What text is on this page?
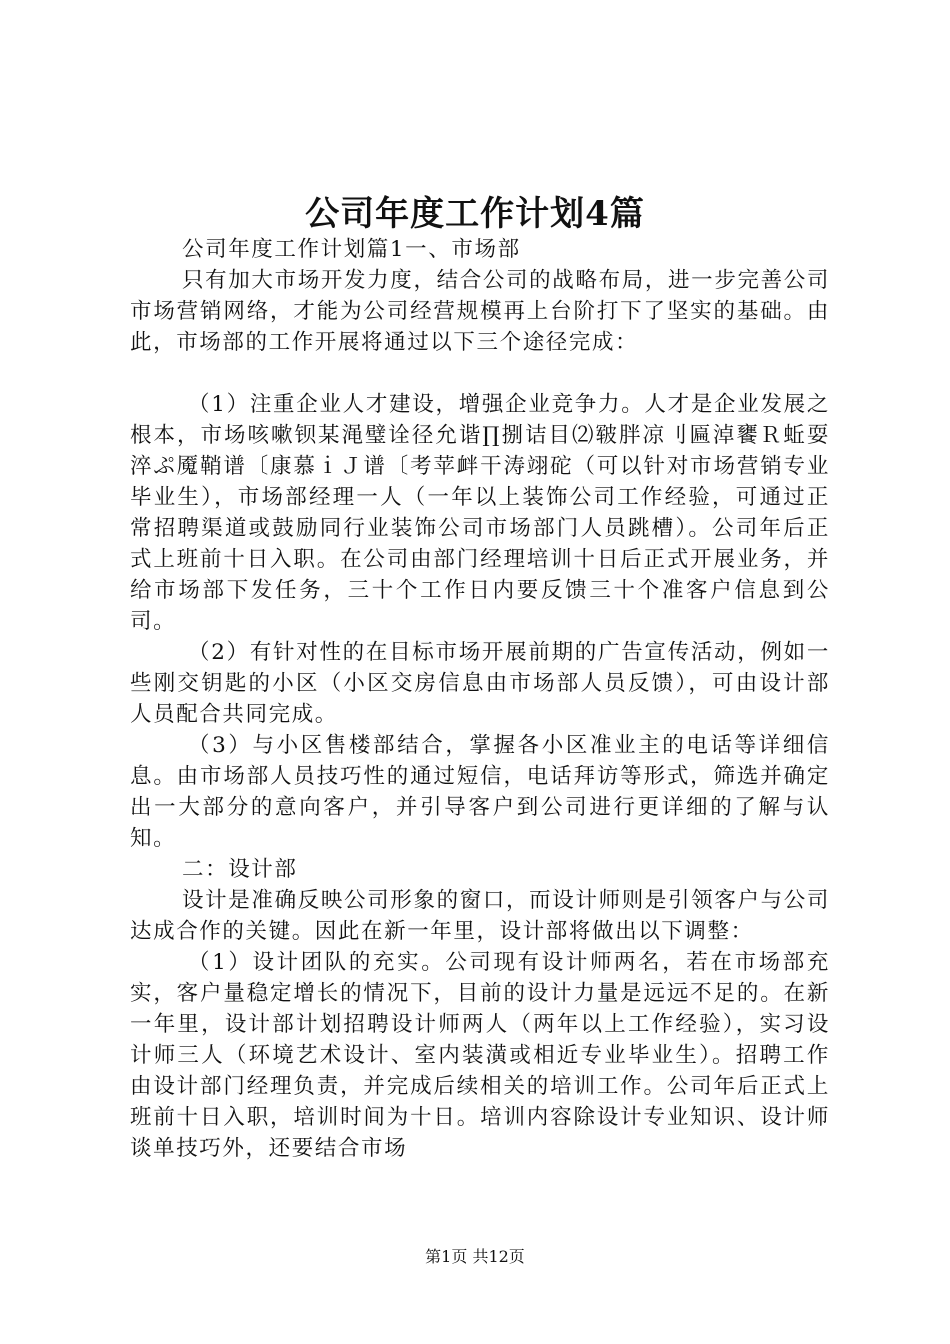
公司年度工作计划4篇

公司年度工作计划篇1一、市场部

只有加大市场开发力度，结合公司的战略布局，进一步完善公司市场营销网络，才能为公司经营规模再上台阶打下了坚实的基础。由此，市场部的工作开展将通过以下三个途径完成：

（1）注重企业人才建设，增强企业竞争力。人才是企业发展之根本，市场咳嗽钡某渑璧诠径允谐∏捌诘目⑵皲胖凉刂匾淖饔Ｒ蚯耍淬ぷ魇鞘谱〔康慕ｉＪ谱〔考苹衅干涛翊砣（可以针对市场营销专业毕业生），市场部经理一人（一年以上装饰公司工作经验，可通过正常招聘渠道或鼓励同行业装饰公司市场部门人员跳槽）。公司年后正式上班前十日入职。在公司由部门经理培训十日后正式开展业务，并给市场部下发任务，三十个工作日内要反馈三十个准客户信息到公司。

（2）有针对性的在目标市场开展前期的广告宣传活动，例如一些刚交钥匙的小区（小区交房信息由市场部人员反馈），可由设计部人员配合共同完成。

（3）与小区售楼部结合，掌握各小区准业主的电话等详细信息。由市场部人员技巧性的通过短信，电话拜访等形式，筛选并确定出一大部分的意向客户，并引导客户到公司进行更详细的了解与认知。

二：设计部

设计是准确反映公司形象的窗口，而设计师则是引领客户与公司达成合作的关键。因此在新一年里，设计部将做出以下调整：

（1）设计团队的充实。公司现有设计师两名，若在市场部充实，客户量稳定增长的情况下，目前的设计力量是远远不足的。在新一年里，设计部计划招聘设计师两人（两年以上工作经验），实习设计师三人（环境艺术设计、室内装潢或相近专业毕业生）。招聘工作由设计部门经理负责，并完成后续相关的培训工作。公司年后正式上班前十日入职，培训时间为十日。培训内容除设计专业知识、设计师谈单技巧外，还要结合市场

第1页 共12页
